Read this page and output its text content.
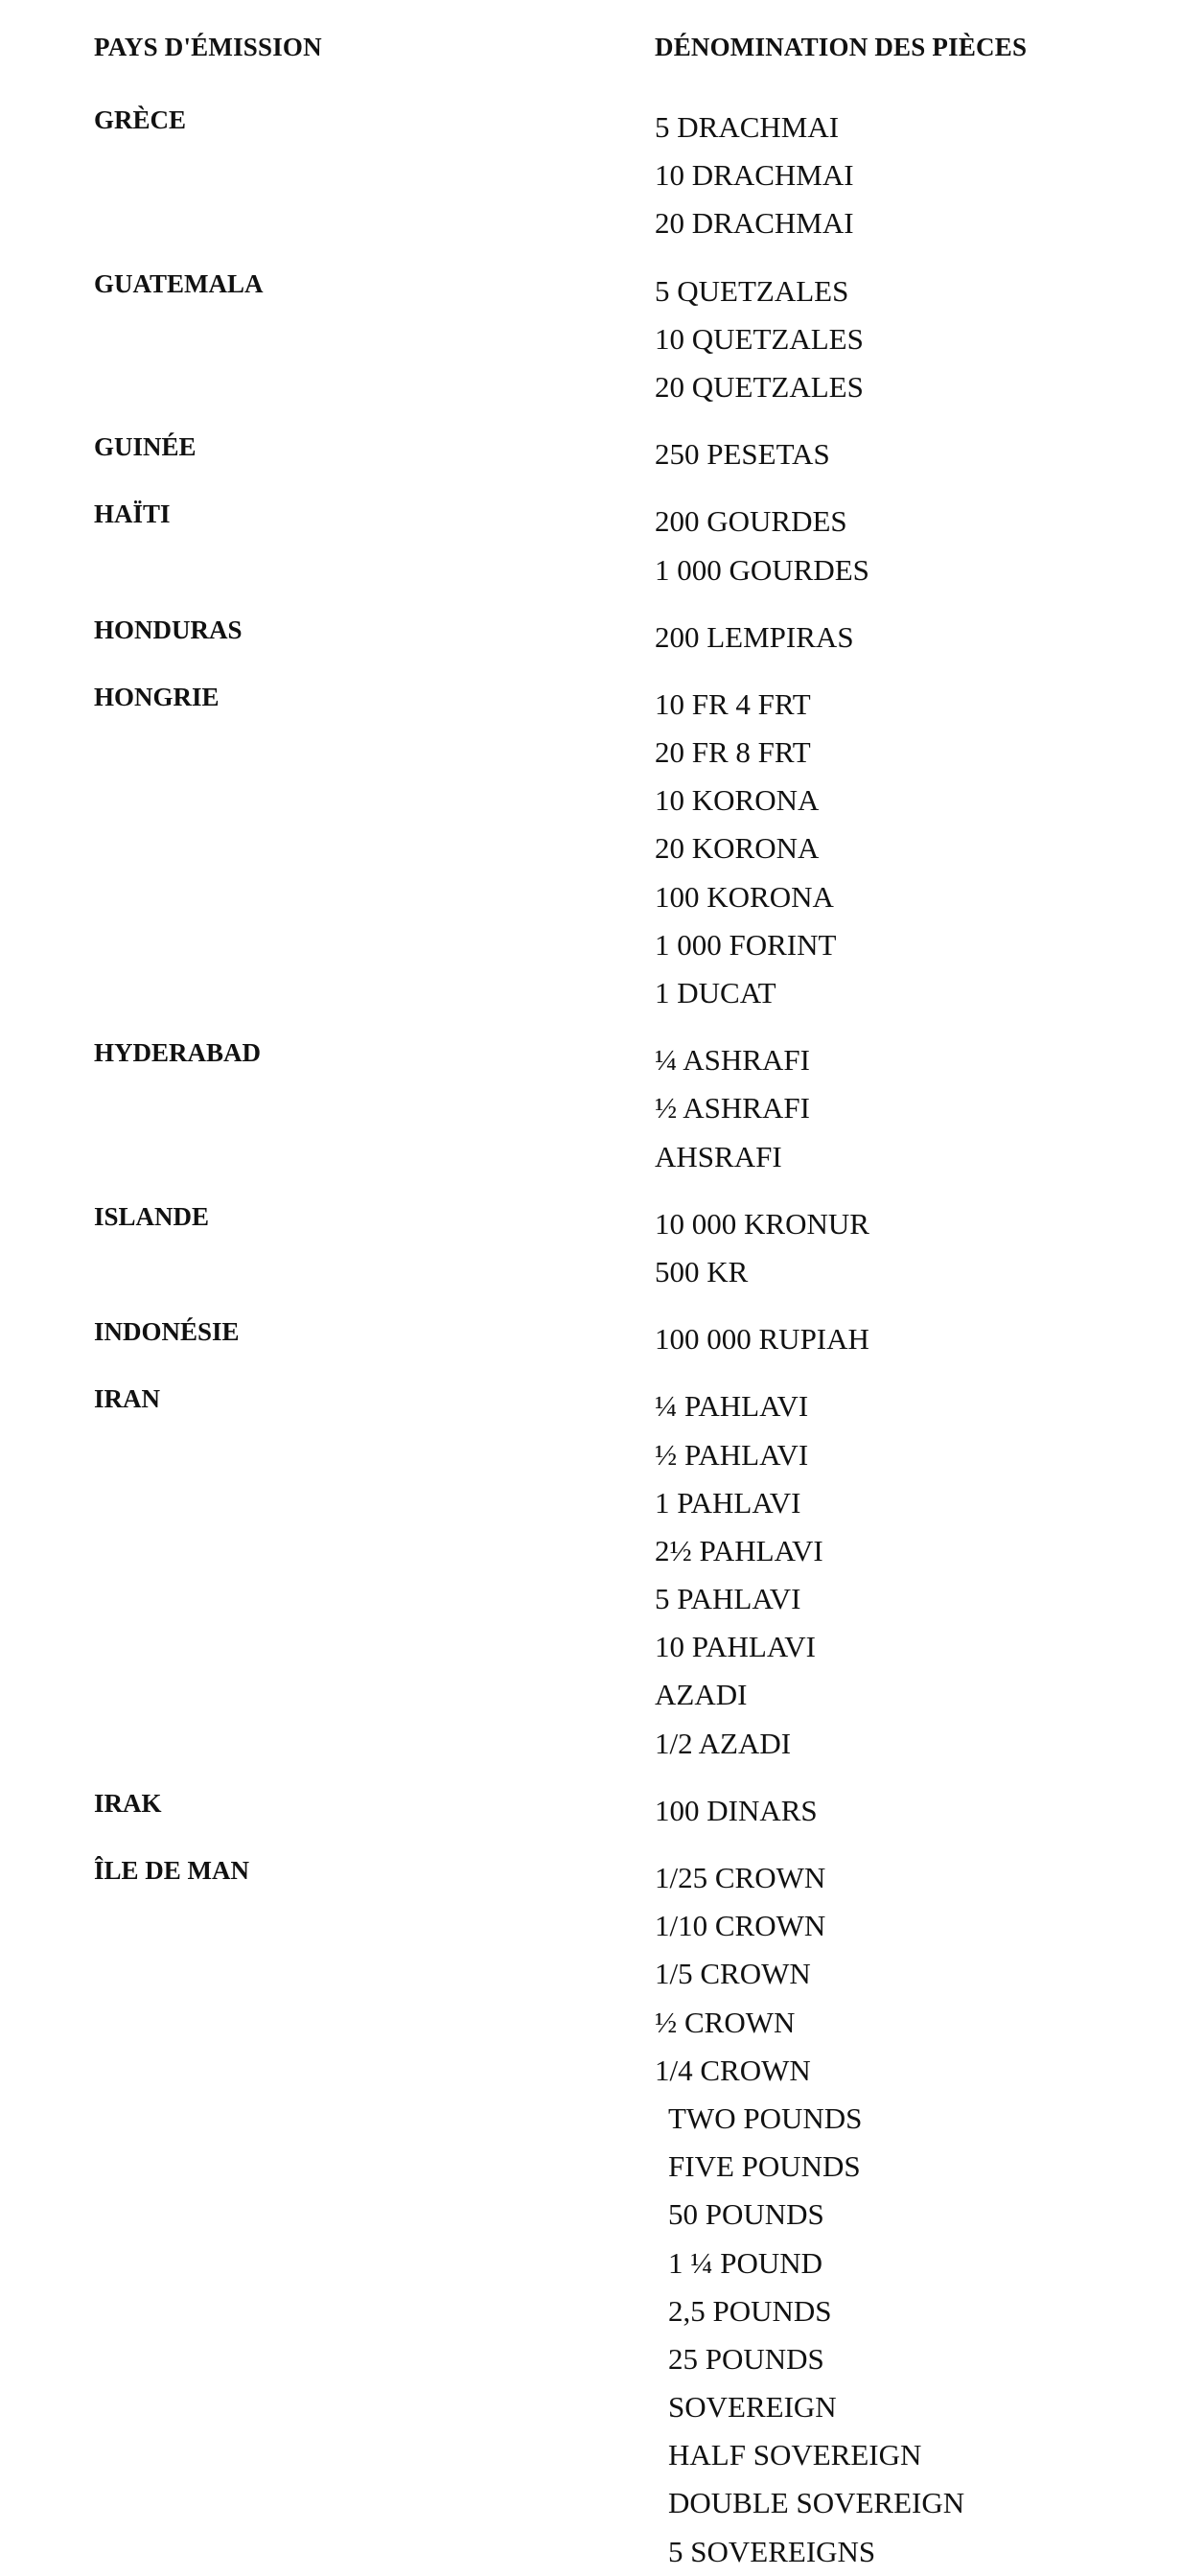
PAYS D'ÉMISSION	DÉNOMINATION DES PIÈCES
GRÈCE	5 DRACHMAI
10 DRACHMAI
20 DRACHMAI
GUATEMALA	5 QUETZALES
10 QUETZALES
20 QUETZALES
GUINÉE	250 PESETAS
HAÏTI	200 GOURDES
1 000 GOURDES
HONDURAS	200 LEMPIRAS
HONGRIE	10 FR 4 FRT
20 FR 8 FRT
10 KORONA
20 KORONA
100 KORONA
1 000 FORINT
1 DUCAT
HYDERABAD	¼ ASHRAFI
½ ASHRAFI
AHSRAFI
ISLANDE	10 000 KRONUR
500 KR
INDONÉSIE	100 000 RUPIAH
IRAN	¼ PAHLAVI
½ PAHLAVI
1 PAHLAVI
2½ PAHLAVI
5 PAHLAVI
10 PAHLAVI
AZADI
1/2 AZADI
IRAK	100 DINARS
ÎLE DE MAN	1/25 CROWN
1/10 CROWN
1/5 CROWN
½ CROWN
1/4 CROWN
TWO POUNDS
FIVE POUNDS
50 POUNDS
1 ¼ POUND
2,5 POUNDS
25 POUNDS
SOVEREIGN
HALF SOVEREIGN
DOUBLE SOVEREIGN
5 SOVEREIGNS
